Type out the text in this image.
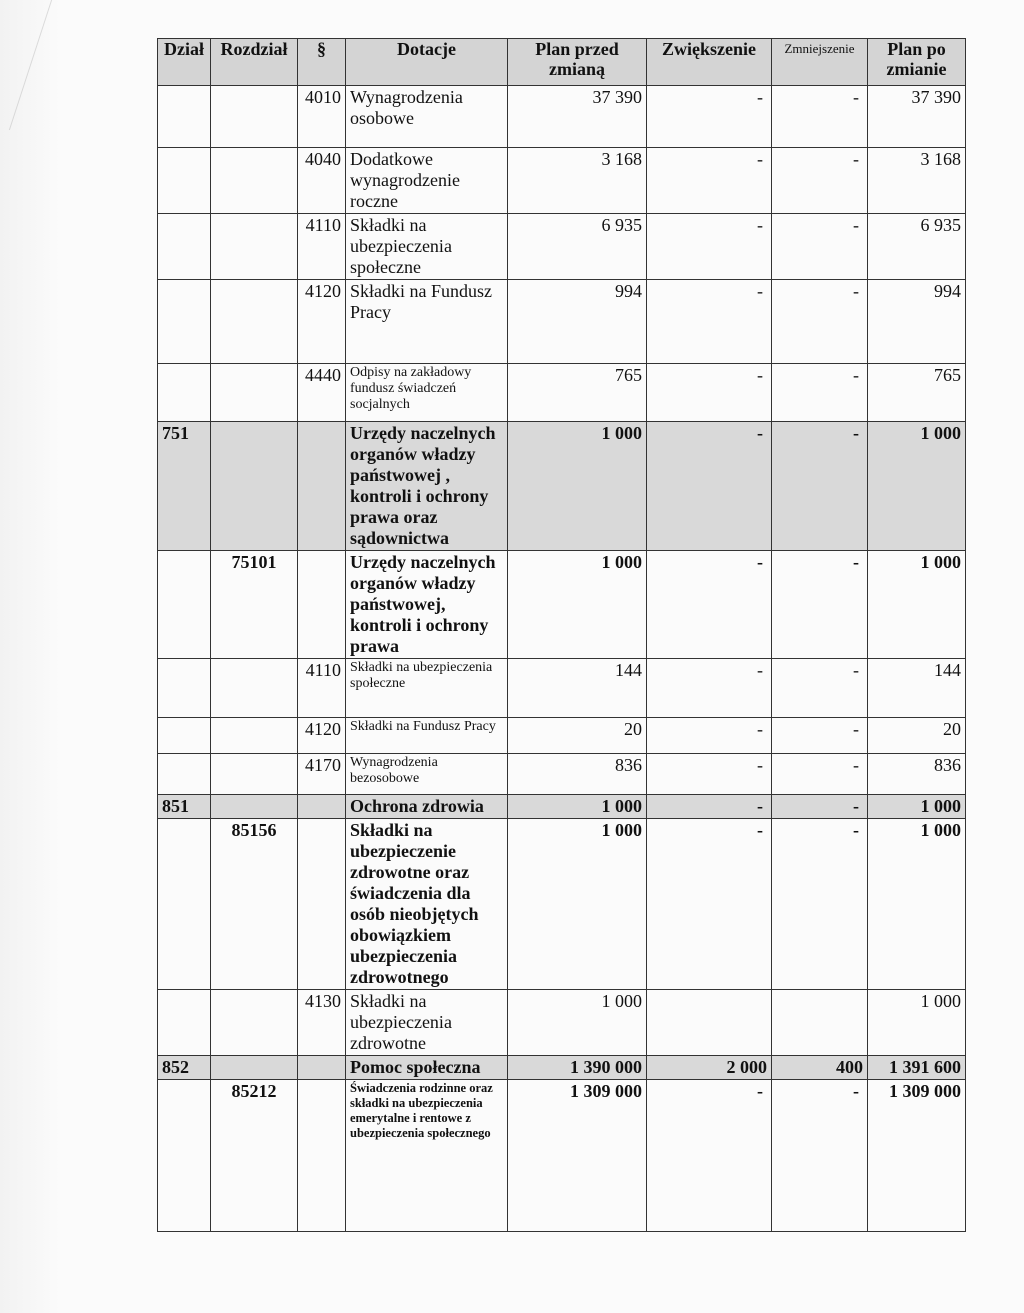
Dział	Rozdział	§	Dotacje	Plan przed zmianą	Zwiększenie	Zmniejszenie	Plan po zmianie
		4010	Wynagrodzenia osobowe	37 390	-	-	37 390
		4040	Dodatkowe wynagrodzenie roczne	3 168	-	-	3 168
		4110	Składki na ubezpieczenia społeczne	6 935	-	-	6 935
		4120	Składki na Fundusz Pracy	994	-	-	994
		4440	Odpisy na zakładowy fundusz świadczeń socjalnych	765	-	-	765
751			Urzędy naczelnych organów władzy państwowej , kontroli i ochrony prawa oraz sądownictwa	1 000	-	-	1 000
	75101		Urzędy naczelnych organów władzy państwowej, kontroli i ochrony prawa	1 000	-	-	1 000
		4110	Składki na ubezpieczenia społeczne	144	-	-	144
		4120	Składki na Fundusz Pracy	20	-	-	20
		4170	Wynagrodzenia bezosobowe	836	-	-	836
851			Ochrona zdrowia	1 000	-	-	1 000
	85156		Składki na ubezpieczenie zdrowotne oraz świadczenia dla osób nieobjętych obowiązkiem ubezpieczenia zdrowotnego	1 000	-	-	1 000
		4130	Składki na ubezpieczenia zdrowotne	1 000			1 000
852			Pomoc społeczna	1 390 000	2 000	400	1 391 600
	85212		Świadczenia rodzinne oraz składki na ubezpieczenia emerytalne i rentowe z ubezpieczenia społecznego	1 309 000	-	-	1 309 000
